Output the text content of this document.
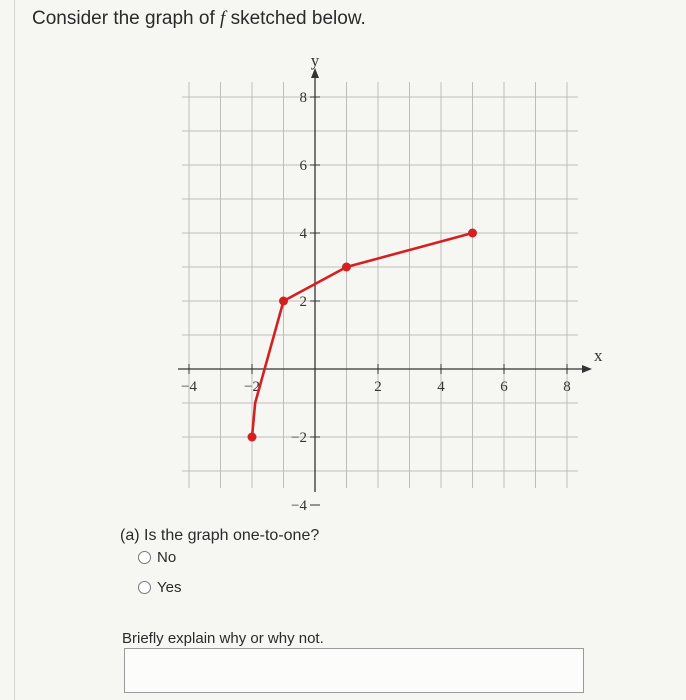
Consider the graph of f sketched below.
−4	−2	2	4	6	8
8
6
4
2
−2
−4
x
y
(a) Is the graph one-to-one?
No
Yes
Briefly explain why or why not.
